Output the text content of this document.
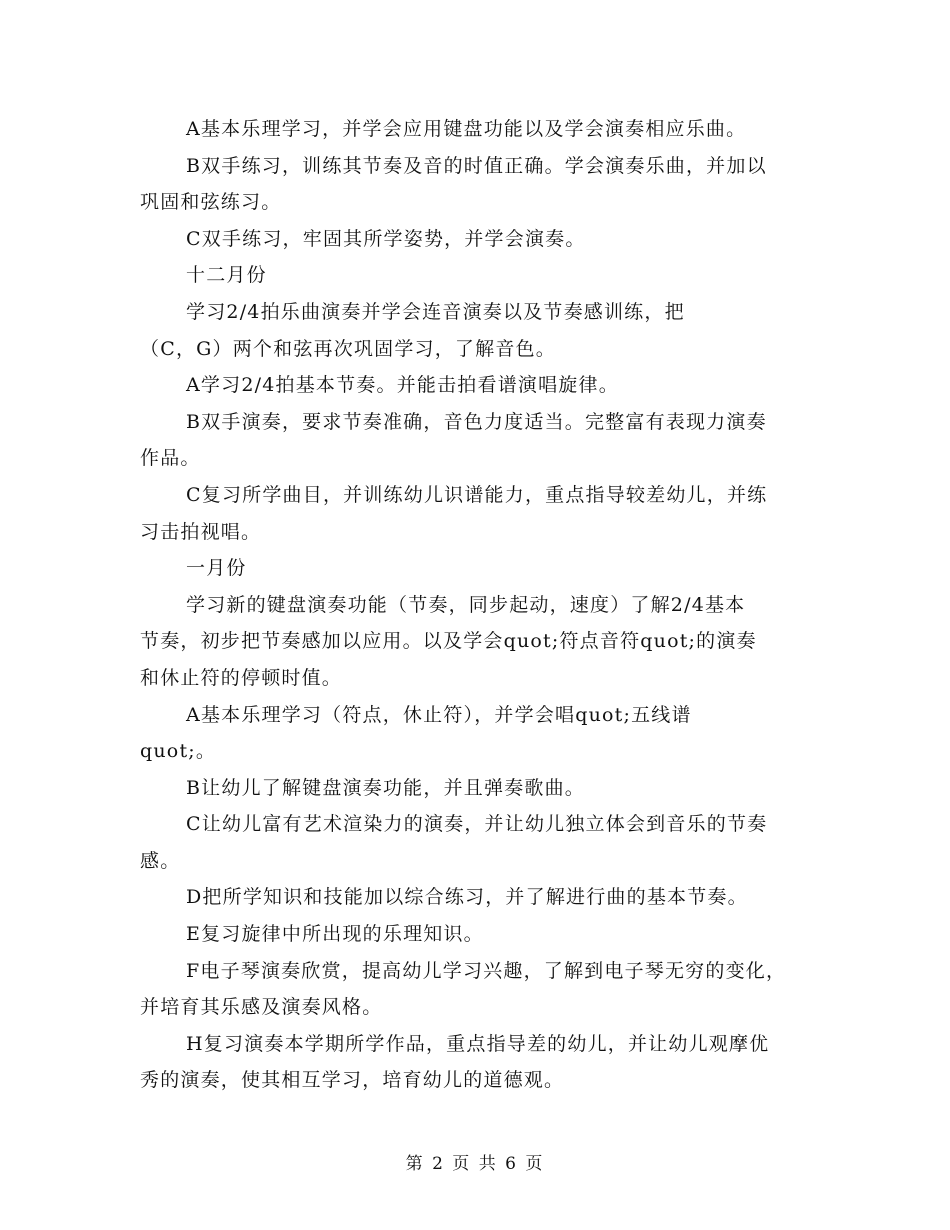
A基本乐理学习，并学会应用键盘功能以及学会演奏相应乐曲。
B双手练习，训练其节奏及音的时值正确。学会演奏乐曲，并加以
巩固和弦练习。
C双手练习，牢固其所学姿势，并学会演奏。
十二月份
学习2/4拍乐曲演奏并学会连音演奏以及节奏感训练，把
（C，G）两个和弦再次巩固学习，了解音色。
A学习2/4拍基本节奏。并能击拍看谱演唱旋律。
B双手演奏，要求节奏准确，音色力度适当。完整富有表现力演奏
作品。
C复习所学曲目，并训练幼儿识谱能力，重点指导较差幼儿，并练
习击拍视唱。
一月份
学习新的键盘演奏功能（节奏，同步起动，速度）了解2/4基本
节奏，初步把节奏感加以应用。以及学会quot;符点音符quot;的演奏
和休止符的停顿时值。
A基本乐理学习（符点，休止符），并学会唱quot;五线谱
quot;。
B让幼儿了解键盘演奏功能，并且弹奏歌曲。
C让幼儿富有艺术渲染力的演奏，并让幼儿独立体会到音乐的节奏
感。
D把所学知识和技能加以综合练习，并了解进行曲的基本节奏。
E复习旋律中所出现的乐理知识。
F电子琴演奏欣赏，提高幼儿学习兴趣，了解到电子琴无穷的变化，
并培育其乐感及演奏风格。
H复习演奏本学期所学作品，重点指导差的幼儿，并让幼儿观摩优
秀的演奏，使其相互学习，培育幼儿的道德观。
第 2 页 共 6 页
